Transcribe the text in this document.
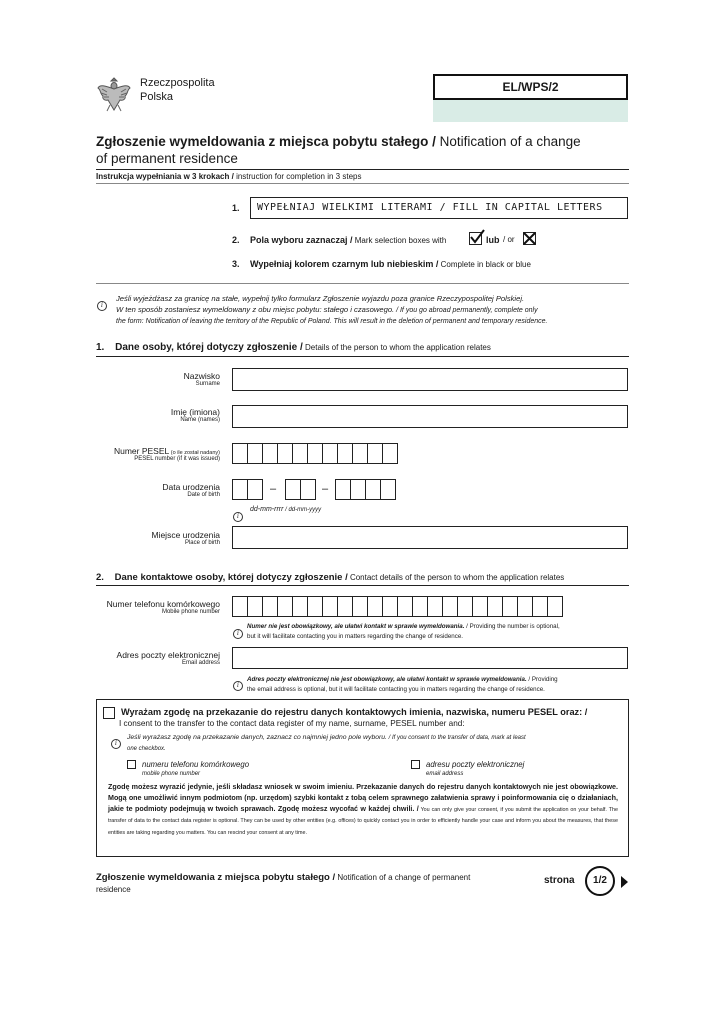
Rzeczpospolita
Polska
EL/WPS/2
Zgłoszenie wymeldowania z miejsca pobytu stałego / Notification of a change
of permanent residence
Instrukcja wypełniania w 3 krokach / instruction for completion in 3 steps
1.	WYPEŁNIAJ WIELKIMI LITERAMI / FILL IN CAPITAL LETTERS
2. Pola wyboru zaznaczaj / Mark selection boxes with	lub / or
3. Wypełniaj kolorem czarnym lub niebieskim / Complete in black or blue
i
Jeśli wyjeżdżasz za granicę na stałe, wypełnij tylko formularz Zgłoszenie wyjazdu poza granice Rzeczypospolitej Polskiej.
W ten sposób zostaniesz wymeldowany z obu miejsc pobytu: stałego i czasowego. / If you go abroad permanently, complete only
the form: Notification of leaving the territory of the Republic of Poland. This will result in the deletion of permanent and temporary residence.
1. Dane osoby, której dotyczy zgłoszenie / Details of the person to whom the application relates
Nazwisko
Surname
Imię (imiona)
Name (names)
Numer PESEL (o ile został nadany)
PESEL number (if it was issued)
Data urodzenia
Date of birth	–	–
i
dd-mm-rrrr / dd-mm-yyyy
Miejsce urodzenia
Place of birth
2. Dane kontaktowe osoby, której dotyczy zgłoszenie / Contact details of the person to whom the application relates
Numer telefonu komórkowego
Mobile phone number
i
Numer nie jest obowiązkowy, ale ułatwi kontakt w sprawie wymeldowania. / Providing the number is optional,
but it will facilitate contacting you in matters regarding the change of residence.
Adres poczty elektronicznej
Email address
i
Adres poczty elektronicznej nie jest obowiązkowy, ale ułatwi kontakt w sprawie wymeldowania. / Providing
the email address is optional, but it will facilitate contacting you in matters regarding the change of residence.
Wyrażam zgodę na przekazanie do rejestru danych kontaktowych imienia, nazwiska, numeru PESEL oraz: /
I consent to the transfer to the contact data register of my name, surname, PESEL number and:
i
Jeśli wyrażasz zgodę na przekazanie danych, zaznacz co najmniej jedno pole wyboru. / If you consent to the transfer of data, mark at least
one checkbox.
numeru telefonu komórkowego
mobile phone number
adresu poczty elektronicznej
email address
Zgodę możesz wyrazić jedynie, jeśli składasz wniosek w swoim imieniu. Przekazanie danych do rejestru danych kontaktowych nie jest obowiązkowe. Mogą one umożliwić innym podmiotom (np. urzędom) szybki kontakt z tobą celem sprawnego załatwienia sprawy i poinformowania cię o działaniach, jakie te podmioty podejmują w twoich sprawach. Zgodę możesz wycofać w każdej chwili. / You can only give your consent, if you submit the application on your behalf. The transfer of data to the contact data register is optional. They can be used by other entities (e.g. offices) to quickly contact you in order to efficiently handle your case and inform you about the measures, that these entities are taking regarding you matters. You can rescind your consent at any time.
Zgłoszenie wymeldowania z miejsca pobytu stałego / Notification of a change of permanent
residence
strona	1/2
